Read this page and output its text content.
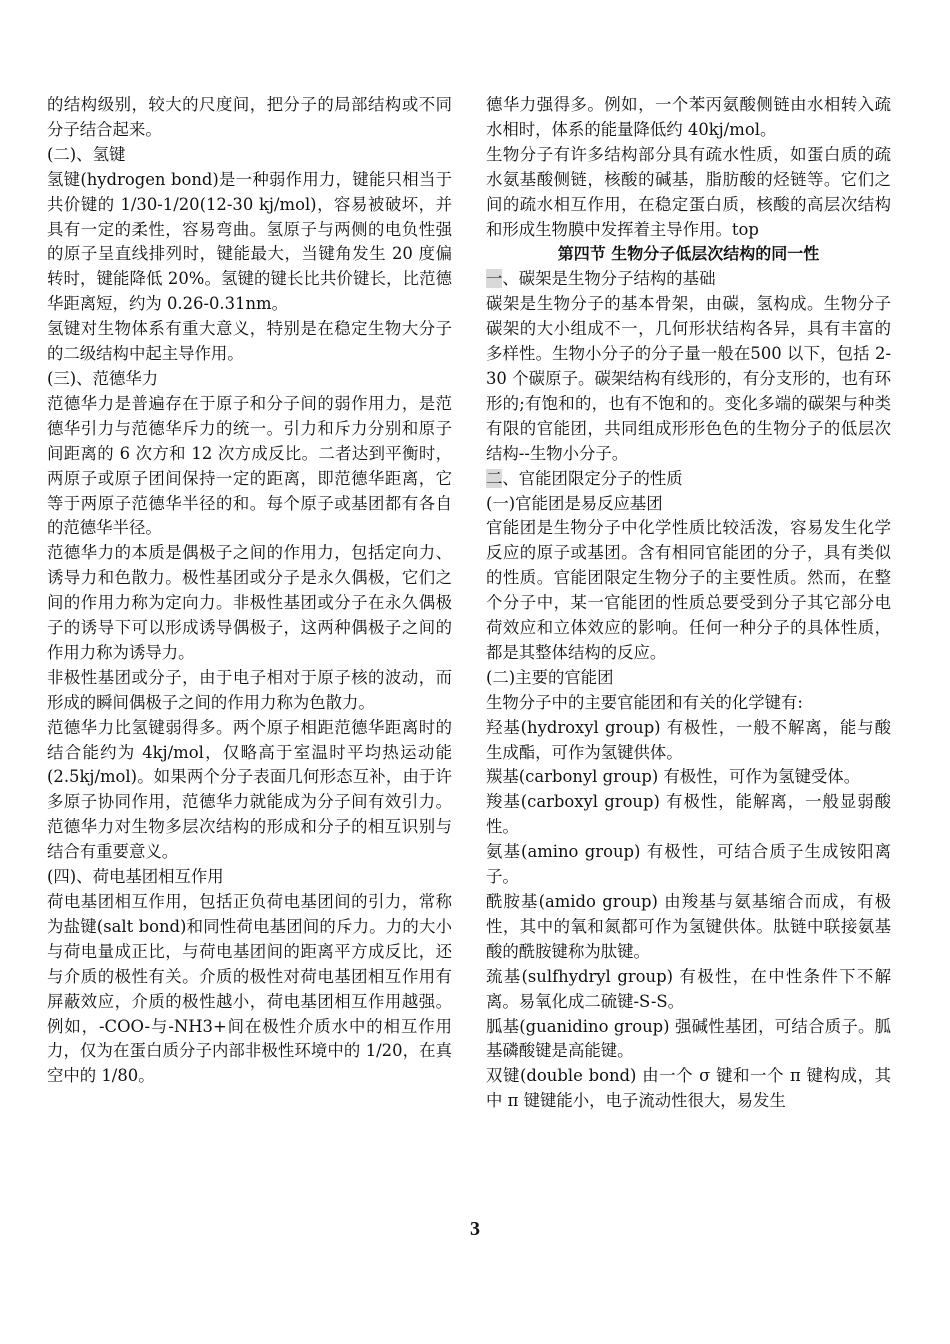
的结构级别，较大的尺度间，把分子的局部结构或不同分子结合起来。

(二)、氢键

氢键(hydrogen bond)是一种弱作用力，键能只相当于共价键的 1/30-1/20(12-30 kj/mol)，容易被破坏，并具有一定的柔性，容易弯曲。氢原子与两侧的电负性强的原子呈直线排列时，键能最大，当键角发生 20 度偏转时，键能降低 20%。氢键的键长比共价键长，比范德华距离短，约为 0.26-0.31nm。

氢键对生物体系有重大意义，特别是在稳定生物大分子的二级结构中起主导作用。

(三)、范德华力

范德华力是普遍存在于原子和分子间的弱作用力，是范德华引力与范德华斥力的统一。引力和斥力分别和原子间距离的 6 次方和 12 次方成反比。二者达到平衡时，两原子或原子团间保持一定的距离，即范德华距离，它等于两原子范德华半径的和。每个原子或基团都有各自的范德华半径。

范德华力的本质是偶极子之间的作用力，包括定向力、诱导力和色散力。极性基团或分子是永久偶极，它们之间的作用力称为定向力。非极性基团或分子在永久偶极子的诱导下可以形成诱导偶极子，这两种偶极子之间的作用力称为诱导力。

非极性基团或分子，由于电子相对于原子核的波动，而形成的瞬间偶极子之间的作用力称为色散力。

范德华力比氢键弱得多。两个原子相距范德华距离时的结合能约为 4kj/mol，仅略高于室温时平均热运动能(2.5kj/mol)。如果两个分子表面几何形态互补，由于许多原子协同作用，范德华力就能成为分子间有效引力。范德华力对生物多层次结构的形成和分子的相互识别与结合有重要意义。

(四)、荷电基团相互作用

荷电基团相互作用，包括正负荷电基团间的引力，常称为盐键(salt bond)和同性荷电基团间的斥力。力的大小与荷电量成正比，与荷电基团间的距离平方成反比，还与介质的极性有关。介质的极性对荷电基团相互作用有屏蔽效应，介质的极性越小，荷电基团相互作用越强。例如，-COO-与-NH3+间在极性介质水中的相互作用力，仅为在蛋白质分子内部非极性环境中的 1/20，在真空中的 1/80。

德华力强得多。例如，一个苯丙氨酸侧链由水相转入疏水相时，体系的能量降低约 40kj/mol。

生物分子有许多结构部分具有疏水性质，如蛋白质的疏水氨基酸侧链，核酸的碱基，脂肪酸的烃链等。它们之间的疏水相互作用，在稳定蛋白质，核酸的高层次结构和形成生物膜中发挥着主导作用。top

第四节 生物分子低层次结构的同一性

一、碳架是生物分子结构的基础

碳架是生物分子的基本骨架，由碳，氢构成。生物分子碳架的大小组成不一，几何形状结构各异，具有丰富的多样性。生物小分子的分子量一般在500 以下，包括 2-30 个碳原子。碳架结构有线形的，有分支形的，也有环形的;有饱和的，也有不饱和的。变化多端的碳架与种类有限的官能团，共同组成形形色色的生物分子的低层次结构--生物小分子。

二、官能团限定分子的性质

(一)官能团是易反应基团

官能团是生物分子中化学性质比较活泼，容易发生化学反应的原子或基团。含有相同官能团的分子，具有类似的性质。官能团限定生物分子的主要性质。然而，在整个分子中，某一官能团的性质总要受到分子其它部分电荷效应和立体效应的影响。任何一种分子的具体性质，都是其整体结构的反应。

(二)主要的官能团

生物分子中的主要官能团和有关的化学键有:

羟基(hydroxyl group) 有极性，一般不解离，能与酸生成酯，可作为氢键供体。

羰基(carbonyl group) 有极性，可作为氢键受体。

羧基(carboxyl group) 有极性，能解离，一般显弱酸性。

氨基(amino group) 有极性，可结合质子生成铵阳离子。

酰胺基(amido group) 由羧基与氨基缩合而成，有极性，其中的氧和氮都可作为氢键供体。肽链中联接氨基酸的酰胺键称为肽键。

巯基(sulfhydryl group) 有极性，在中性条件下不解离。易氧化成二硫键-S-S。

胍基(guanidino group) 强碱性基团，可结合质子。胍基磷酸键是高能键。

双键(double bond) 由一个 σ 键和一个 π 键构成，其中 π 键键能小，电子流动性很大，易发生

3
